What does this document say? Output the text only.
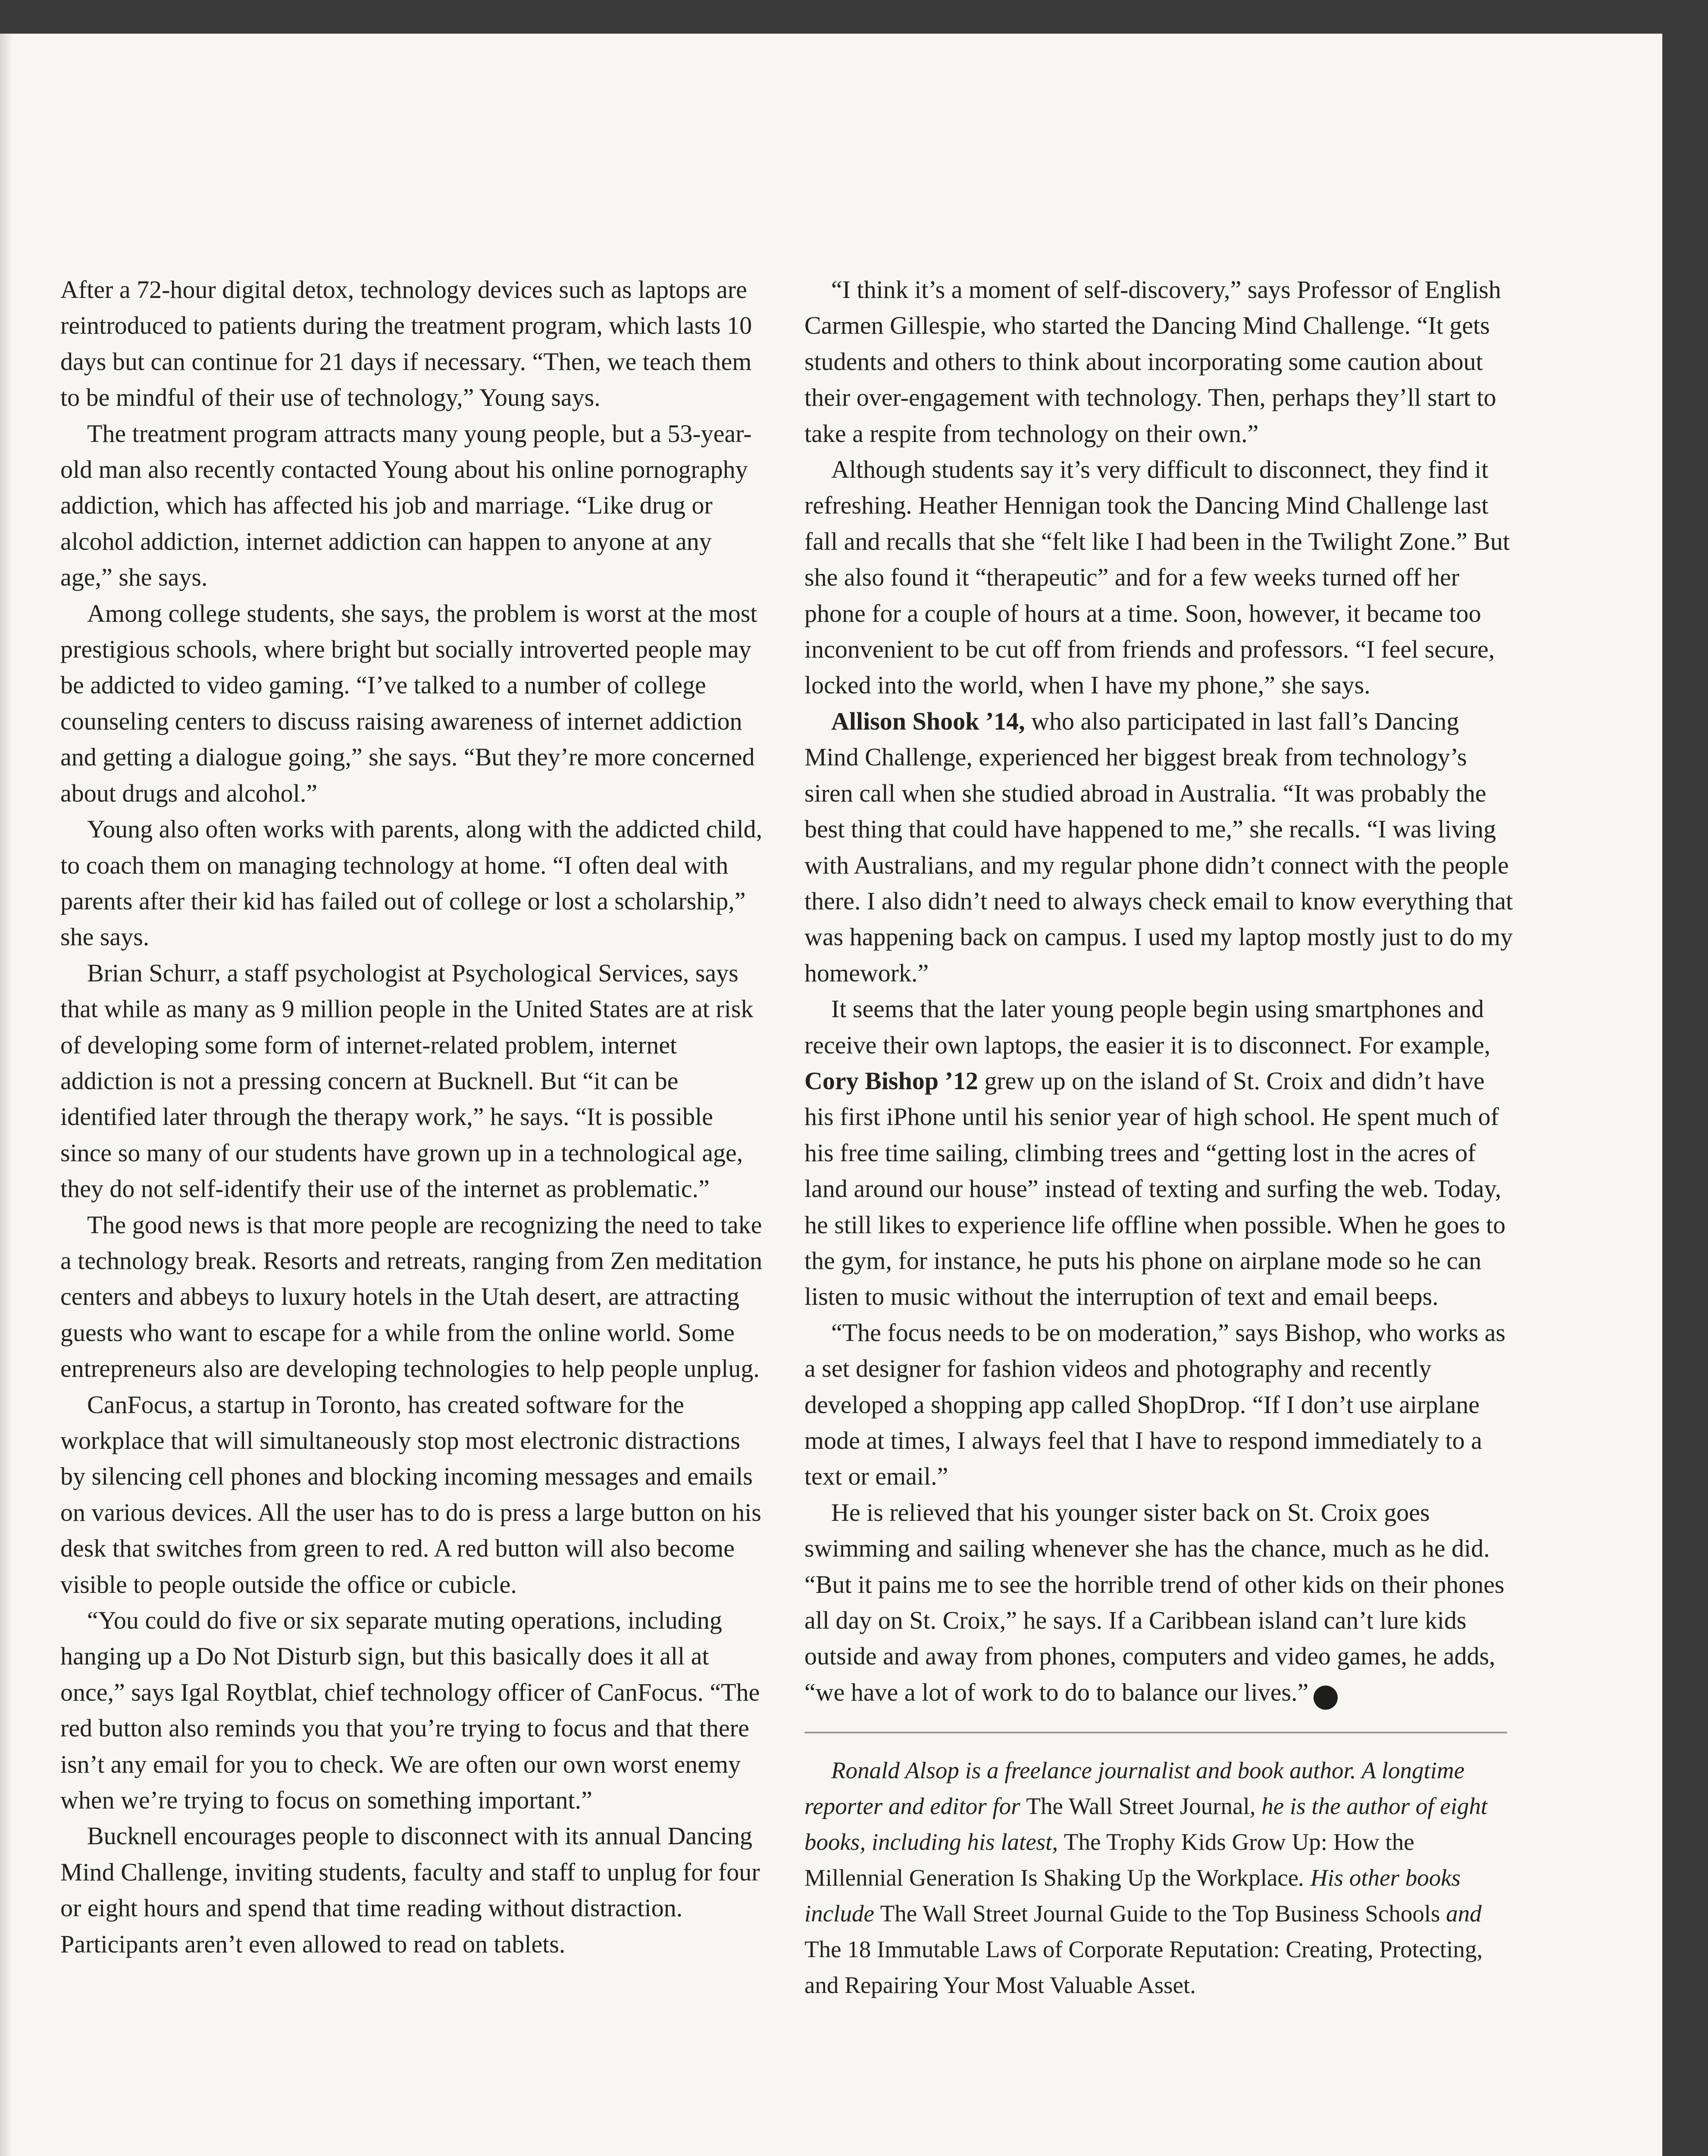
After a 72-hour digital detox, technology devices such as laptops are reintroduced to patients during the treatment program, which lasts 10 days but can continue for 21 days if necessary. “Then, we teach them to be mindful of their use of technology,” Young says.

The treatment program attracts many young people, but a 53-year-old man also recently contacted Young about his online pornography addiction, which has affected his job and marriage. “Like drug or alcohol addiction, internet addiction can happen to anyone at any age,” she says.

Among college students, she says, the problem is worst at the most prestigious schools, where bright but socially introverted people may be addicted to video gaming. “I’ve talked to a number of college counseling centers to discuss raising awareness of internet addiction and getting a dialogue going,” she says. “But they’re more concerned about drugs and alcohol.”

Young also often works with parents, along with the addicted child, to coach them on managing technology at home. “I often deal with parents after their kid has failed out of college or lost a scholarship,” she says.

Brian Schurr, a staff psychologist at Psychological Services, says that while as many as 9 million people in the United States are at risk of developing some form of internet-related problem, internet addiction is not a pressing concern at Bucknell. But “it can be identified later through the therapy work,” he says. “It is possible since so many of our students have grown up in a technological age, they do not self-identify their use of the internet as problematic.”

The good news is that more people are recognizing the need to take a technology break. Resorts and retreats, ranging from Zen meditation centers and abbeys to luxury hotels in the Utah desert, are attracting guests who want to escape for a while from the online world. Some entrepreneurs also are developing technologies to help people unplug.

CanFocus, a startup in Toronto, has created software for the workplace that will simultaneously stop most electronic distractions by silencing cell phones and blocking incoming messages and emails on various devices. All the user has to do is press a large button on his desk that switches from green to red. A red button will also become visible to people outside the office or cubicle.

“You could do five or six separate muting operations, including hanging up a Do Not Disturb sign, but this basically does it all at once,” says Igal Roytblat, chief technology officer of CanFocus. “The red button also reminds you that you’re trying to focus and that there isn’t any email for you to check. We are often our own worst enemy when we’re trying to focus on something important.”

Bucknell encourages people to disconnect with its annual Dancing Mind Challenge, inviting students, faculty and staff to unplug for four or eight hours and spend that time reading without distraction. Participants aren’t even allowed to read on tablets.

“I think it’s a moment of self-discovery,” says Professor of English Carmen Gillespie, who started the Dancing Mind Challenge. “It gets students and others to think about incorporating some caution about their over-engagement with technology. Then, perhaps they’ll start to take a respite from technology on their own.”

Although students say it’s very difficult to disconnect, they find it refreshing. Heather Hennigan took the Dancing Mind Challenge last fall and recalls that she “felt like I had been in the Twilight Zone.” But she also found it “therapeutic” and for a few weeks turned off her phone for a couple of hours at a time. Soon, however, it became too inconvenient to be cut off from friends and professors. “I feel secure, locked into the world, when I have my phone,” she says.

Allison Shook ’14, who also participated in last fall’s Dancing Mind Challenge, experienced her biggest break from technology’s siren call when she studied abroad in Australia. “It was probably the best thing that could have happened to me,” she recalls. “I was living with Australians, and my regular phone didn’t connect with the people there. I also didn’t need to always check email to know everything that was happening back on campus. I used my laptop mostly just to do my homework.”

It seems that the later young people begin using smartphones and receive their own laptops, the easier it is to disconnect. For example, Cory Bishop ’12 grew up on the island of St. Croix and didn’t have his first iPhone until his senior year of high school. He spent much of his free time sailing, climbing trees and “getting lost in the acres of land around our house” instead of texting and surfing the web. Today, he still likes to experience life offline when possible. When he goes to the gym, for instance, he puts his phone on airplane mode so he can listen to music without the interruption of text and email beeps.

“The focus needs to be on moderation,” says Bishop, who works as a set designer for fashion videos and photography and recently developed a shopping app called ShopDrop. “If I don’t use airplane mode at times, I always feel that I have to respond immediately to a text or email.”

He is relieved that his younger sister back on St. Croix goes swimming and sailing whenever she has the chance, much as he did. “But it pains me to see the horrible trend of other kids on their phones all day on St. Croix,” he says. If a Caribbean island can’t lure kids outside and away from phones, computers and video games, he adds, “we have a lot of work to do to balance our lives.” B

Ronald Alsop is a freelance journalist and book author. A longtime reporter and editor for The Wall Street Journal, he is the author of eight books, including his latest, The Trophy Kids Grow Up: How the Millennial Generation Is Shaking Up the Workplace. His other books include The Wall Street Journal Guide to the Top Business Schools and The 18 Immutable Laws of Corporate Reputation: Creating, Protecting, and Repairing Your Most Valuable Asset.
